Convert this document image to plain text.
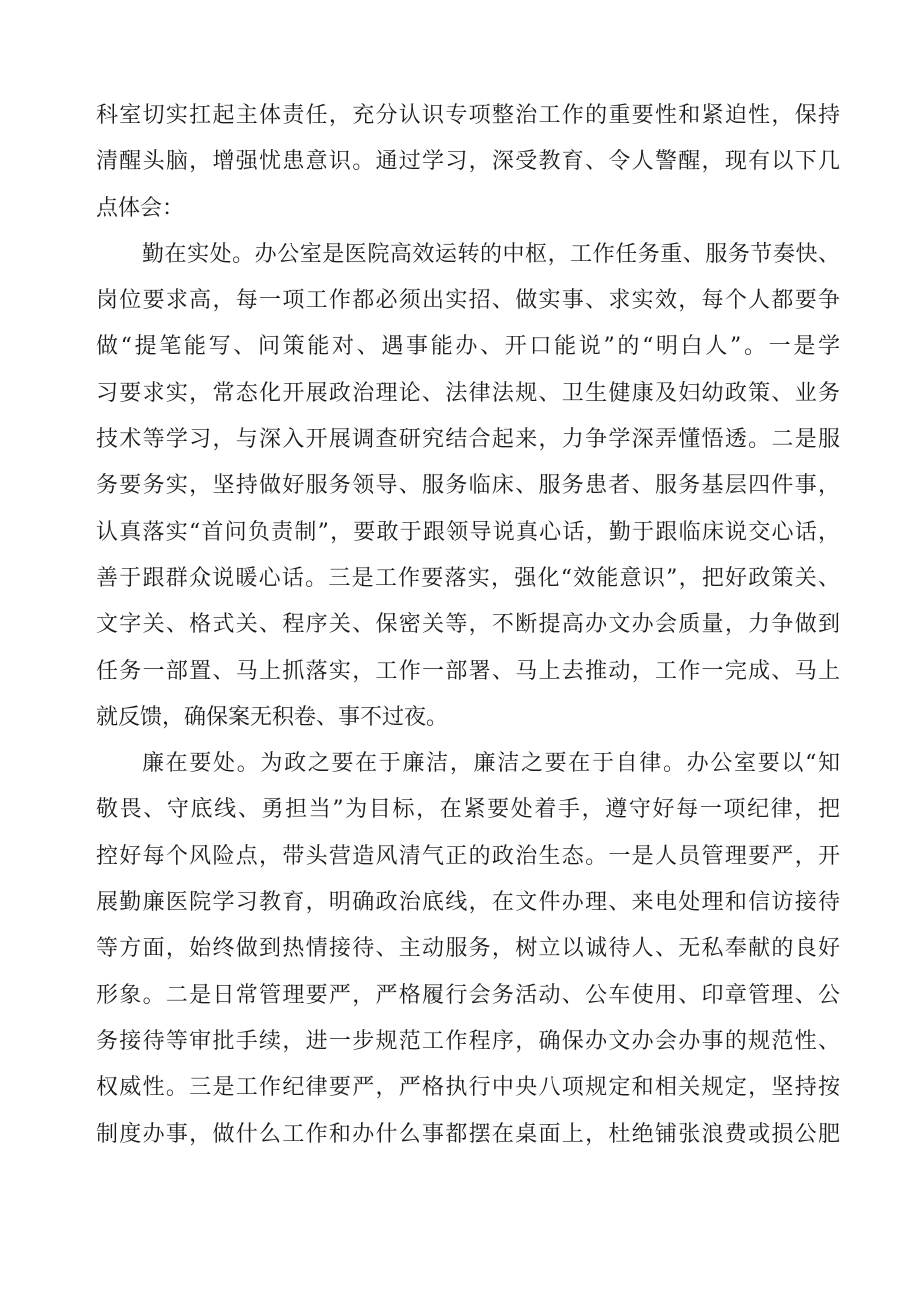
科室切实扛起主体责任，充分认识专项整治工作的重要性和紧迫性，保持
清醒头脑，增强忧患意识。通过学习，深受教育、令人警醒，现有以下几
点体会：
勤在实处。办公室是医院高效运转的中枢，工作任务重、服务节奏快、
岗位要求高，每一项工作都必须出实招、做实事、求实效，每个人都要争
做“提笔能写、问策能对、遇事能办、开口能说”的“明白人”。一是学
习要求实，常态化开展政治理论、法律法规、卫生健康及妇幼政策、业务
技术等学习，与深入开展调查研究结合起来，力争学深弄懂悟透。二是服
务要务实，坚持做好服务领导、服务临床、服务患者、服务基层四件事，
认真落实“首问负责制”，要敢于跟领导说真心话，勤于跟临床说交心话，
善于跟群众说暖心话。三是工作要落实，强化“效能意识”，把好政策关、
文字关、格式关、程序关、保密关等，不断提高办文办会质量，力争做到
任务一部置、马上抓落实，工作一部署、马上去推动，工作一完成、马上
就反馈，确保案无积卷、事不过夜。
廉在要处。为政之要在于廉洁，廉洁之要在于自律。办公室要以“知
敬畏、守底线、勇担当”为目标，在紧要处着手，遵守好每一项纪律，把
控好每个风险点，带头营造风清气正的政治生态。一是人员管理要严，开
展勤廉医院学习教育，明确政治底线，在文件办理、来电处理和信访接待
等方面，始终做到热情接待、主动服务，树立以诚待人、无私奉献的良好
形象。二是日常管理要严，严格履行会务活动、公车使用、印章管理、公
务接待等审批手续，进一步规范工作程序，确保办文办会办事的规范性、
权威性。三是工作纪律要严，严格执行中央八项规定和相关规定，坚持按
制度办事，做什么工作和办什么事都摆在桌面上，杜绝铺张浪费或损公肥
